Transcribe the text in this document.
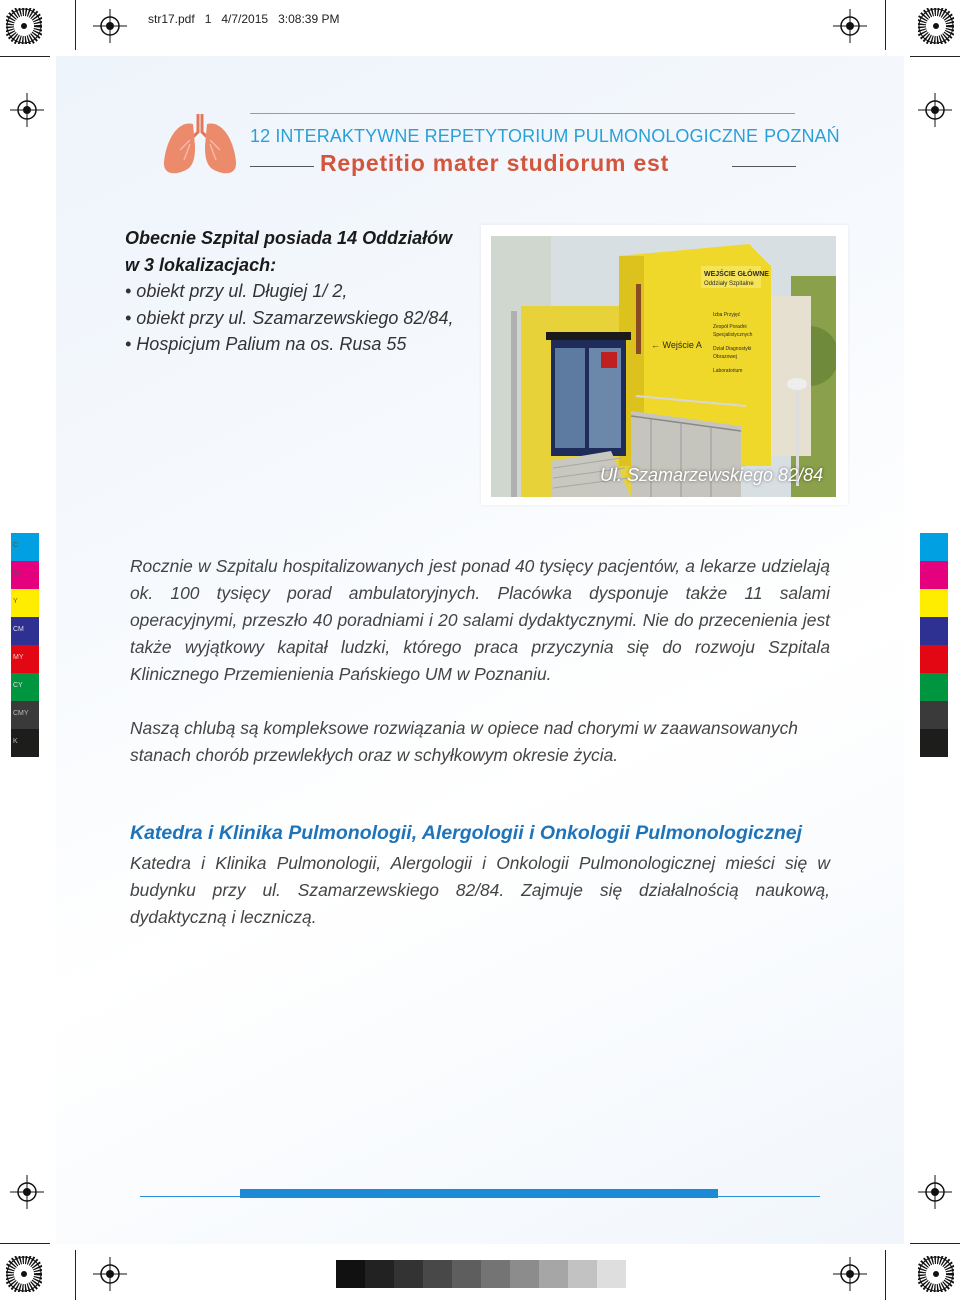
str17.pdf   1   4/7/2015   3:08:39 PM
12 INTERAKTYWNE REPETYTORIUM PULMONOLOGICZNE POZNAŃ
Repetitio mater studiorum est
Obecnie Szpital posiada 14 Oddziałów
w 3 lokalizacjach:
• obiekt przy ul. Długiej 1/ 2,
• obiekt przy ul. Szamarzewskiego 82/84,
• Hospicjum Palium na os. Rusa 55
WEJŚCIE GŁÓWNE
Oddziały Szpitalne
Izba Przyjęć
Zespół Poradni
Specjalistycznych
Dział Diagnostyki
Obrazowej
Laboratorium
← Wejście A
Ul. Szamarzewskiego 82/84
Rocznie w Szpitalu hospitalizowanych jest ponad 40 tysięcy pacjentów, a lekarze udzielają ok. 100 tysięcy porad ambulatoryjnych. Placówka dysponuje także 11 salami operacyjnymi, przeszło 40 poradniami i 20 salami dydaktycznymi. Nie do przecenienia jest także wyjątkowy kapitał ludzki, którego praca przyczynia się do rozwoju Szpitala Klinicznego Przemienienia Pańskiego UM w Poznaniu.
Naszą chlubą są kompleksowe rozwiązania w opiece nad chorymi w zaawansowanych stanach chorób przewlekłych oraz w schyłkowym okresie życia.
Katedra i Klinika Pulmonologii, Alergologii i Onkologii Pulmonologicznej
Katedra i Klinika Pulmonologii, Alergologii i Onkologii Pulmonologicznej mieści się w budynku przy ul. Szamarzewskiego 82/84. Zajmuje się działalnością naukową, dydaktyczną i leczniczą.
C
M
Y
CM
MY
CY
CMY
K
